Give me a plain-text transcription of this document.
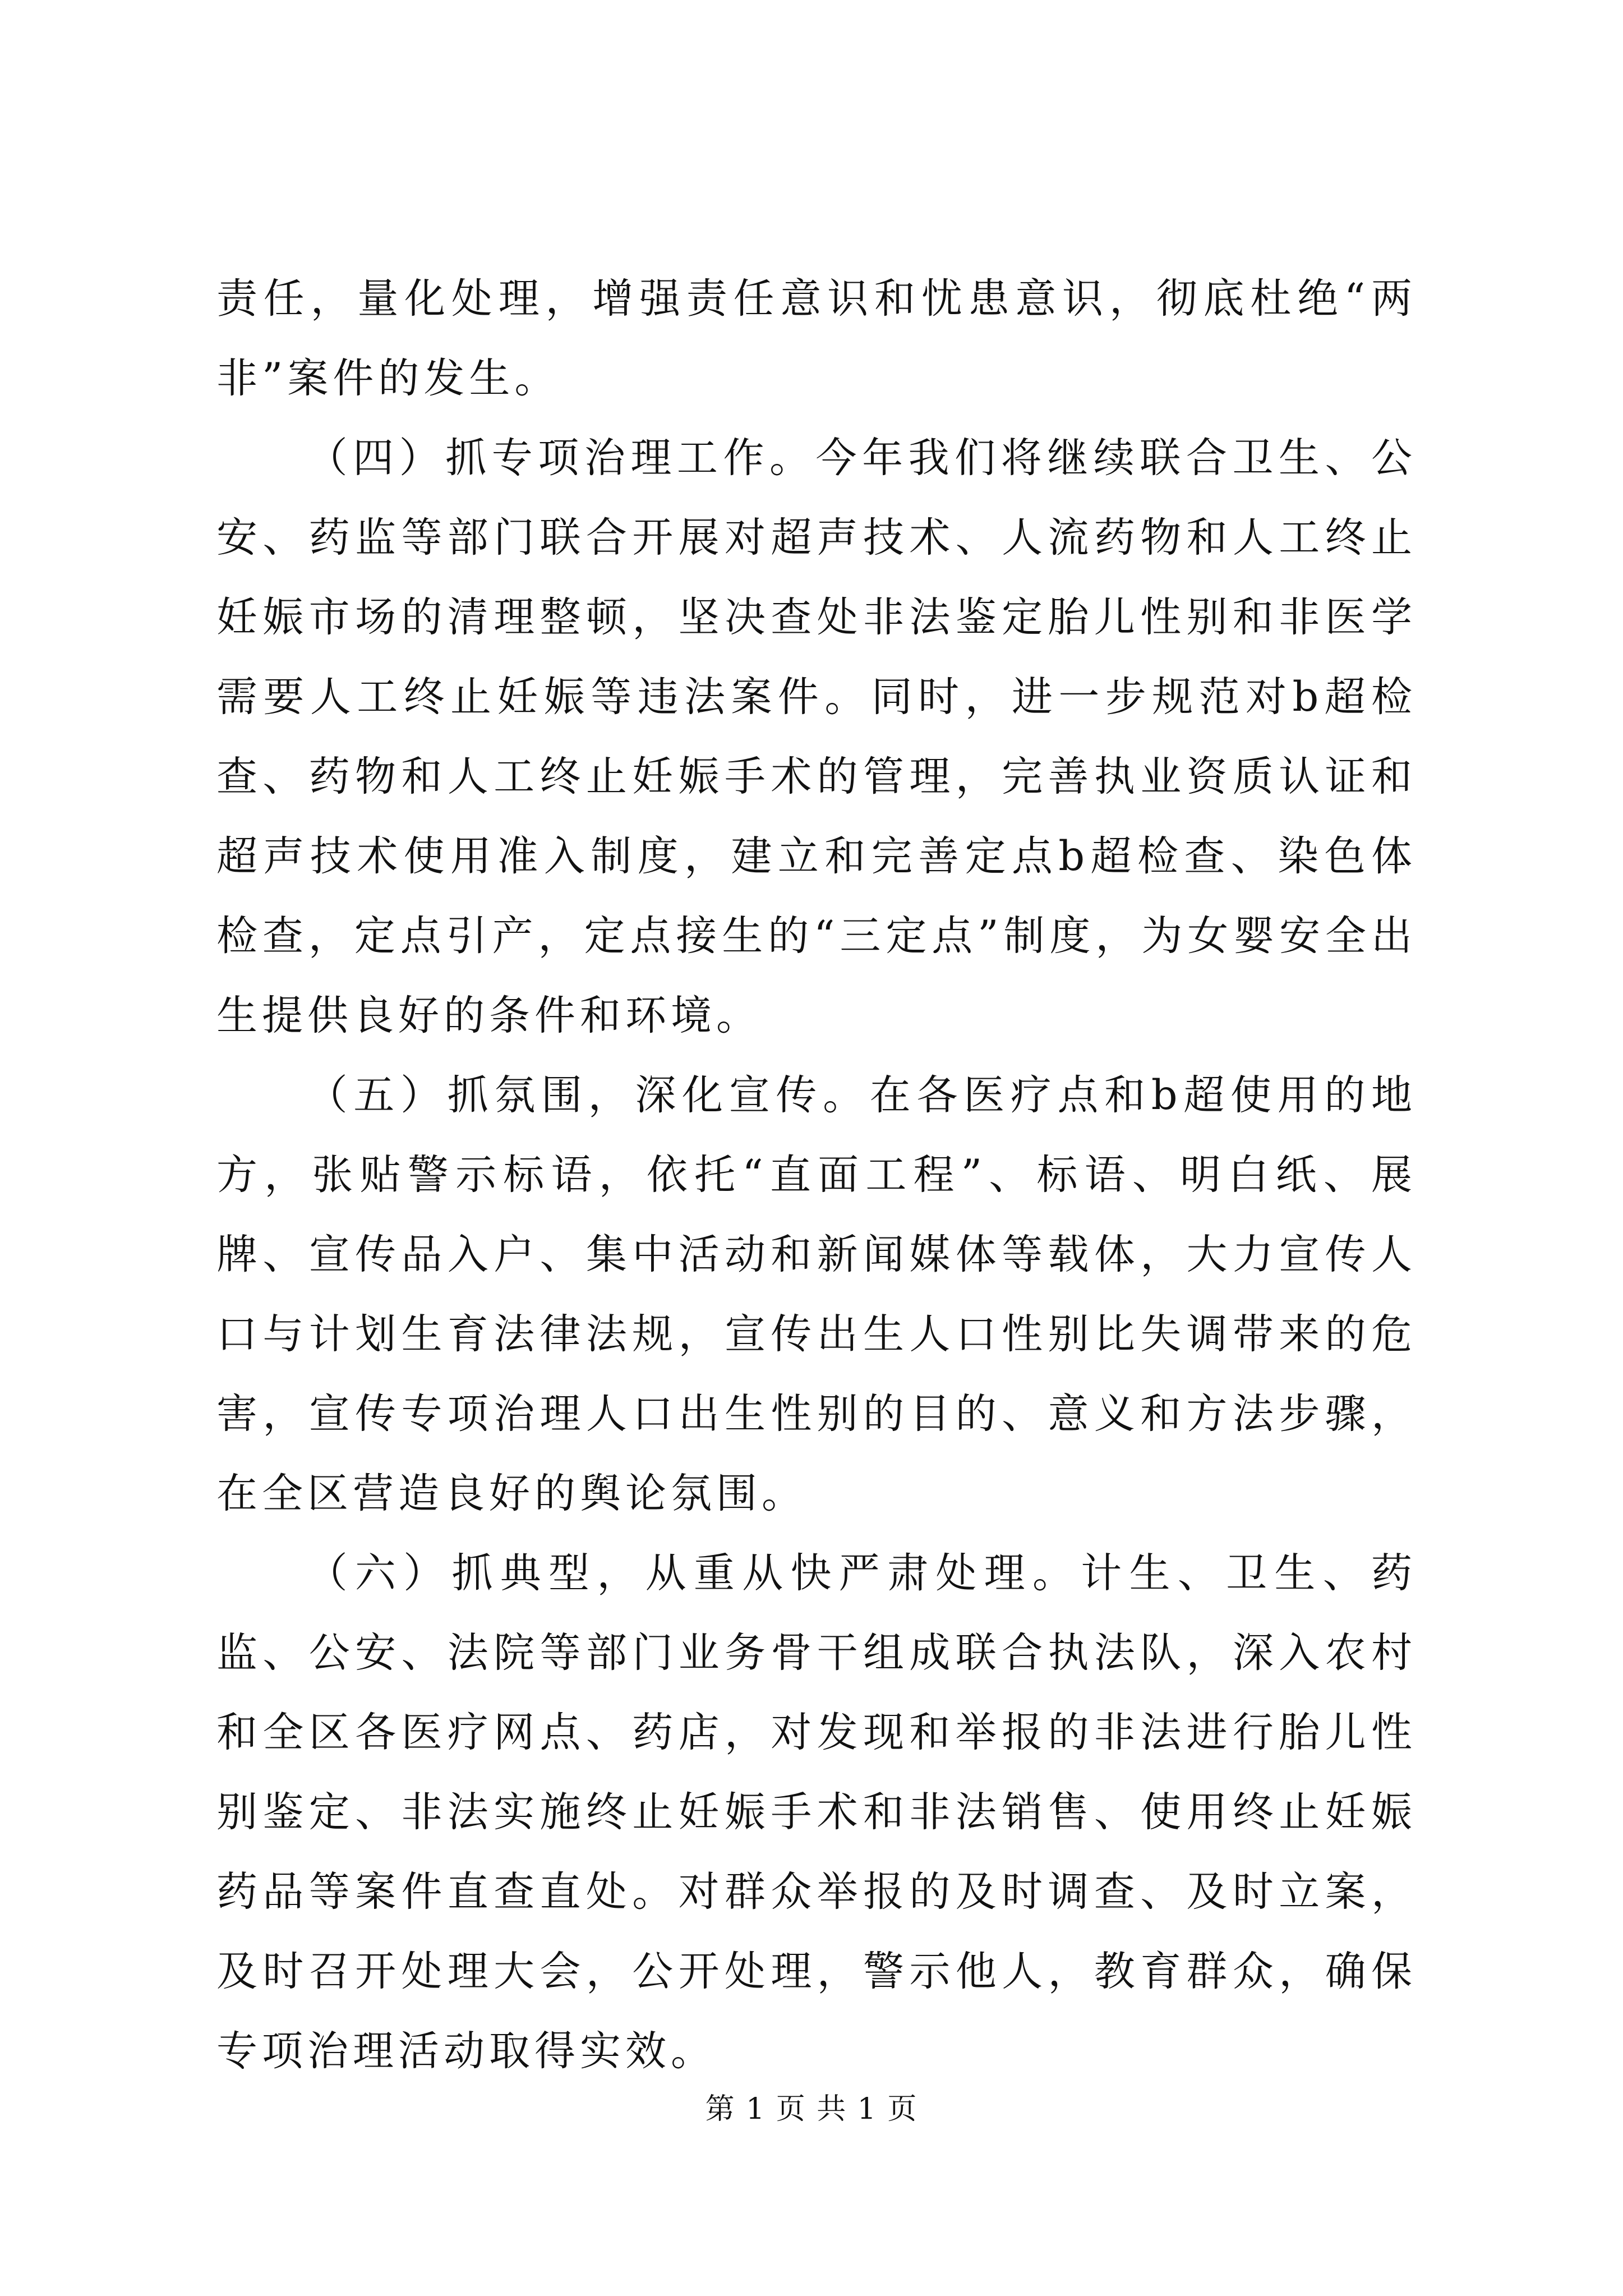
责任，量化处理，增强责任意识和忧患意识，彻底杜绝“两非”案件的发生。

（四）抓专项治理工作。今年我们将继续联合卫生、公安、药监等部门联合开展对超声技术、人流药物和人工终止妊娠市场的清理整顿，坚决查处非法鉴定胎儿性别和非医学需要人工终止妊娠等违法案件。同时，进一步规范对b超检查、药物和人工终止妊娠手术的管理，完善执业资质认证和超声技术使用准入制度，建立和完善定点b超检查、染色体检查，定点引产，定点接生的“三定点”制度，为女婴安全出生提供良好的条件和环境。

（五）抓氛围，深化宣传。在各医疗点和b超使用的地方，张贴警示标语，依托“直面工程”、标语、明白纸、展牌、宣传品入户、集中活动和新闻媒体等载体，大力宣传人口与计划生育法律法规，宣传出生人口性别比失调带来的危害，宣传专项治理人口出生性别的目的、意义和方法步骤，在全区营造良好的舆论氛围。

（六）抓典型，从重从快严肃处理。计生、卫生、药监、公安、法院等部门业务骨干组成联合执法队，深入农村和全区各医疗网点、药店，对发现和举报的非法进行胎儿性别鉴定、非法实施终止妊娠手术和非法销售、使用终止妊娠药品等案件直查直处。对群众举报的及时调查、及时立案，及时召开处理大会，公开处理，警示他人，教育群众，确保专项治理活动取得实效。

第 1 页 共 1 页
